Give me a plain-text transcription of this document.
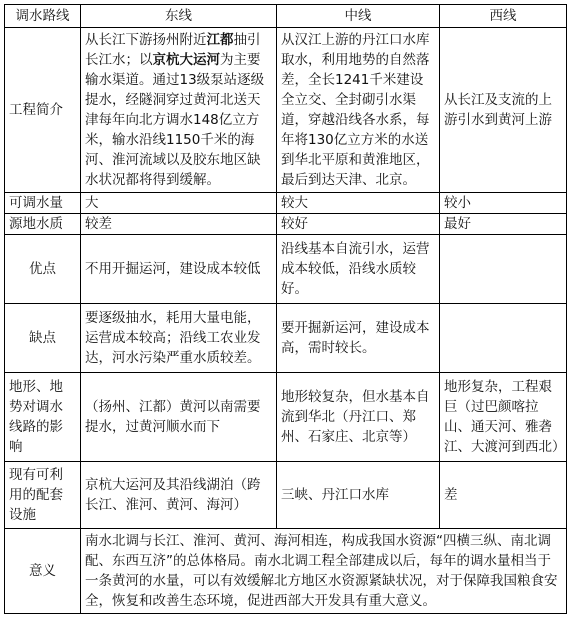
调水路线	东线	中线	西线
工程简介	从长江下游扬州附近江都抽引长江水；以京杭大运河为主要输水渠道。通过13级泵站逐级提水，经隧洞穿过黄河北送天津每年向北方调水148亿立方米，输水沿线1150千米的海河、淮河流域以及胶东地区缺水状况都将得到缓解。	从汉江上游的丹江口水库取水，利用地势的自然落差，全长1241千米建设全立交、全封砌引水渠道，穿越沿线各水系，每年将130亿立方米的水送到华北平原和黄淮地区，最后到达天津、北京。	从长江及支流的上游引水到黄河上游
可调水量	大	较大	较小
源地水质	较差	较好	最好
优点	不用开掘运河，建设成本较低	沿线基本自流引水，运营成本较低，沿线水质较好。	
缺点	要逐级抽水，耗用大量电能，运营成本较高；沿线工农业发达，河水污染严重水质较差。	要开掘新运河，建设成本高，需时较长。	
地形、地势对调水线路的影响	（扬州、江都）黄河以南需要提水，过黄河顺水而下	地形较复杂，但水基本自流到华北（丹江口、郑州、石家庄、北京等）	地形复杂，工程艰巨（过巴颜喀拉山、通天河、雅砻江、大渡河到西北）
现有可利用的配套设施	京杭大运河及其沿线湖泊（跨长江、淮河、黄河、海河）	三峡、丹江口水库	差
意义	南水北调与长江、淮河、黄河、海河相连，构成我国水资源“四横三纵、南北调配、东西互济”的总体格局。南水北调工程全部建成以后，每年的调水量相当于一条黄河的水量，可以有效缓解北方地区水资源紧缺状况，对于保障我国粮食安全，恢复和改善生态环境，促进西部大开发具有重大意义。		
